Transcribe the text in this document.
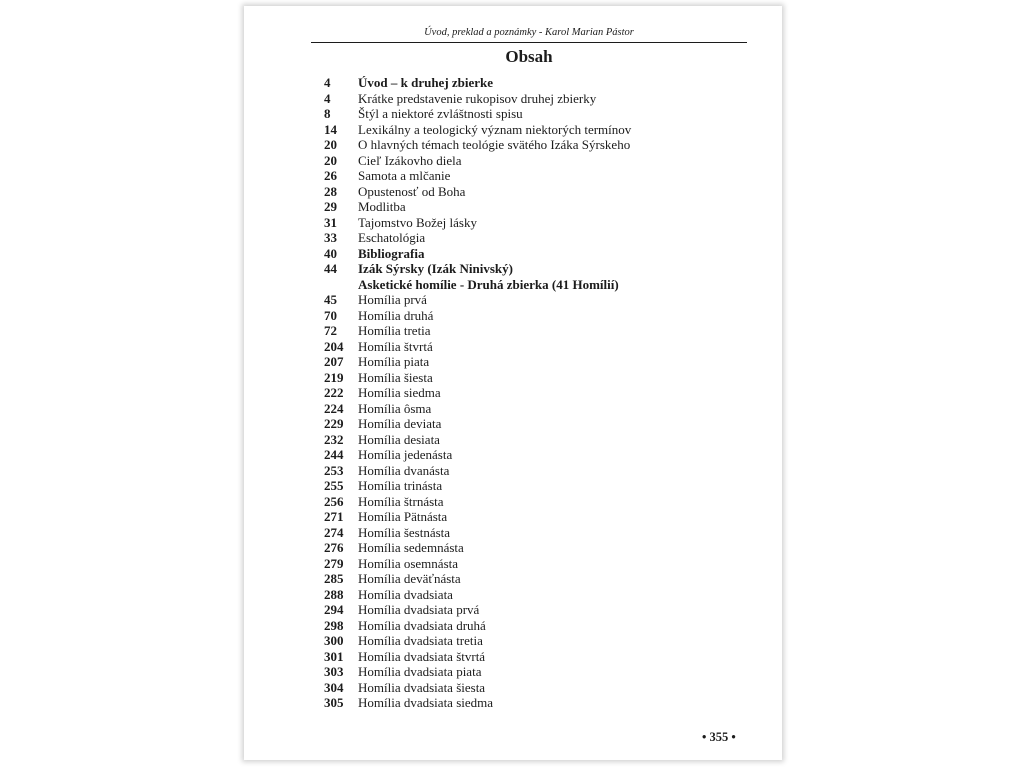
Úvod, preklad a poznámky - Karol Marian Pástor
Obsah
4	Úvod – k druhej zbierke
4	Krátke predstavenie rukopisov druhej zbierky
8	Štýl a niektoré zvláštnosti spisu
14	Lexikálny a teologický význam niektorých termínov
20	O hlavných témach teológie svätého Izáka Sýrskeho
20	Cieľ Izákovho diela
26	Samota a mlčanie
28	Opustenosť od Boha
29	Modlitba
31	Tajomstvo Božej lásky
33	Eschatológia
40	Bibliografia
44	Izák Sýrsky (Izák Ninivský)
Asketické homílie - Druhá zbierka (41 Homílií)
45	Homília prvá
70	Homília druhá
72	Homília tretia
204	Homília štvrtá
207	Homília piata
219	Homília šiesta
222	Homília siedma
224	Homília ôsma
229	Homília deviata
232	Homília desiata
244	Homília jedenásta
253	Homília dvanásta
255	Homília trinásta
256	Homília štrnásta
271	Homília Pätnásta
274	Homília šestnásta
276	Homília sedemnásta
279	Homília osemnásta
285	Homília deväťnásta
288	Homília dvadsiata
294	Homília dvadsiata prvá
298	Homília dvadsiata druhá
300	Homília dvadsiata tretia
301	Homília dvadsiata štvrtá
303	Homília dvadsiata piata
304	Homília dvadsiata šiesta
305	Homília dvadsiata siedma
• 355 •
